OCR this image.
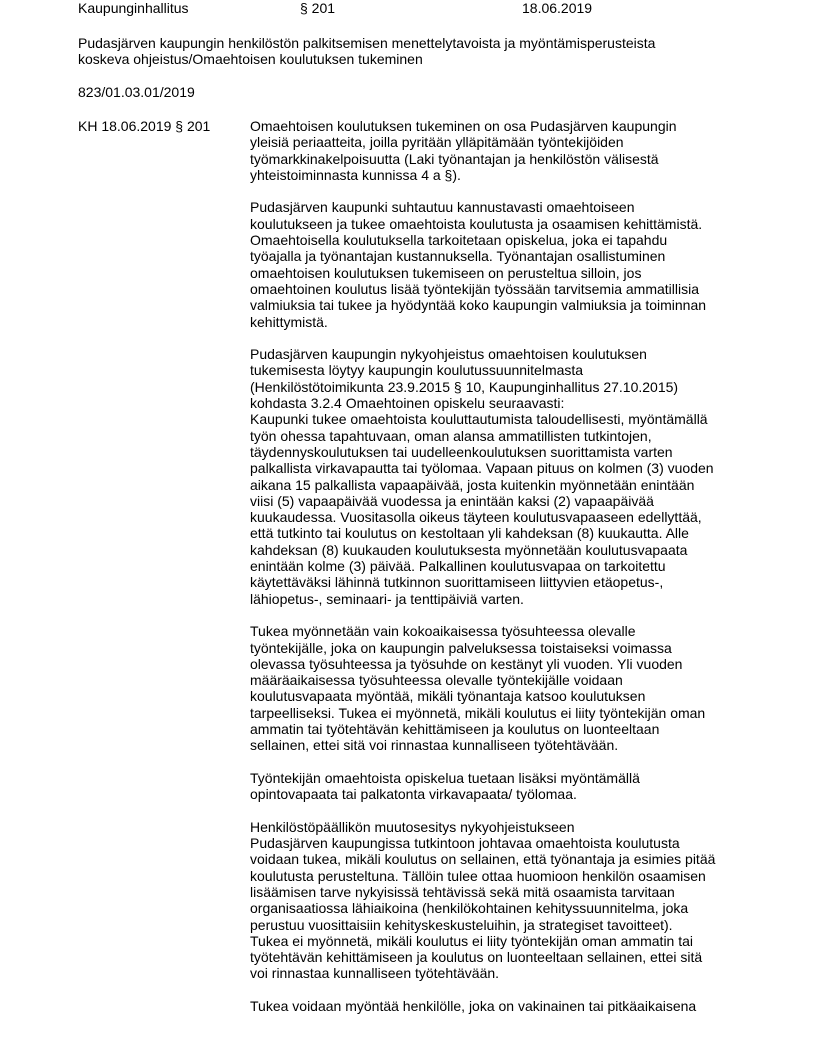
Kaupunginhallitus	§ 201	18.06.2019
Pudasjärven kaupungin henkilöstön palkitsemisen menettelytavoista ja myöntämisperusteista
koskeva ohjeistus/Omaehtoisen koulutuksen tukeminen
823/01.03.01/2019
KH 18.06.2019 § 201	Omaehtoisen koulutuksen tukeminen on osa Pudasjärven kaupungin
yleisiä periaatteita, joilla pyritään ylläpitämään työntekijöiden
työmarkkinakelpoisuutta (Laki työnantajan ja henkilöstön välisestä
yhteistoiminnasta kunnissa 4 a §).

Pudasjärven kaupunki suhtautuu kannustavasti omaehtoiseen
koulutukseen ja tukee omaehtoista koulutusta ja osaamisen kehittämistä.
Omaehtoisella koulutuksella tarkoitetaan opiskelua, joka ei tapahdu
työajalla ja työnantajan kustannuksella. Työnantajan osallistuminen
omaehtoisen koulutuksen tukemiseen on perusteltua silloin, jos
omaehtoinen koulutus lisää työntekijän työssään tarvitsemia ammatillisia
valmiuksia tai tukee ja hyödyntää koko kaupungin valmiuksia ja toiminnan
kehittymistä.

Pudasjärven kaupungin nykyohjeistus omaehtoisen koulutuksen
tukemisesta löytyy kaupungin koulutussuunnitelmasta
(Henkilöstötoimikunta 23.9.2015 § 10, Kaupunginhallitus 27.10.2015)
kohdasta 3.2.4 Omaehtoinen opiskelu seuraavasti:
Kaupunki tukee omaehtoista kouluttautumista taloudellisesti, myöntämällä
työn ohessa tapahtuvaan, oman alansa ammatillisten tutkintojen,
täydennyskoulutuksen tai uudelleenkoulutuksen suorittamista varten
palkallista virkavapautta tai työlomaa. Vapaan pituus on kolmen (3) vuoden
aikana 15 palkallista vapaapäivää, josta kuitenkin myönnetään enintään
viisi (5) vapaapäivää vuodessa ja enintään kaksi (2) vapaapäivää
kuukaudessa. Vuositasolla oikeus täyteen koulutusvapaaseen edellyttää,
että tutkinto tai koulutus on kestoltaan yli kahdeksan (8) kuukautta. Alle
kahdeksan (8) kuukauden koulutuksesta myönnetään koulutusvapaata
enintään kolme (3) päivää. Palkallinen koulutusvapaa on tarkoitettu
käytettäväksi lähinnä tutkinnon suorittamiseen liittyvien etäopetus-,
lähiopetus-, seminaari- ja tenttipäiviä varten.

Tukea myönnetään vain kokoaikaisessa työsuhteessa olevalle
työntekijälle, joka on kaupungin palveluksessa toistaiseksi voimassa
olevassa työsuhteessa ja työsuhde on kestänyt yli vuoden. Yli vuoden
määräaikaisessa työsuhteessa olevalle työntekijälle voidaan
koulutusvapaata myöntää, mikäli työnantaja katsoo koulutuksen
tarpeelliseksi. Tukea ei myönnetä, mikäli koulutus ei liity työntekijän oman
ammatin tai työtehtävän kehittämiseen ja koulutus on luonteeltaan
sellainen, ettei sitä voi rinnastaa kunnalliseen työtehtävään.

Työntekijän omaehtoista opiskelua tuetaan lisäksi myöntämällä
opintovapaata tai palkatonta virkavapaata/ työlomaa.

Henkilöstöpäällikön muutosesitys nykyohjeistukseen
Pudasjärven kaupungissa tutkintoon johtavaa omaehtoista koulutusta
voidaan tukea, mikäli koulutus on sellainen, että työnantaja ja esimies pitää
koulutusta perusteltuna. Tällöin tulee ottaa huomioon henkilön osaamisen
lisäämisen tarve nykyisissä tehtävissä sekä mitä osaamista tarvitaan
organisaatiossa lähiaikoina (henkilökohtainen kehityssuunnitelma, joka
perustuu vuosittaisiin kehityskeskusteluihin, ja strategiset tavoitteet).
Tukea ei myönnetä, mikäli koulutus ei liity työntekijän oman ammatin tai
työtehtävän kehittämiseen ja koulutus on luonteeltaan sellainen, ettei sitä
voi rinnastaa kunnalliseen työtehtävään.

Tukea voidaan myöntää henkilölle, joka on vakinainen tai pitkäaikaisena
